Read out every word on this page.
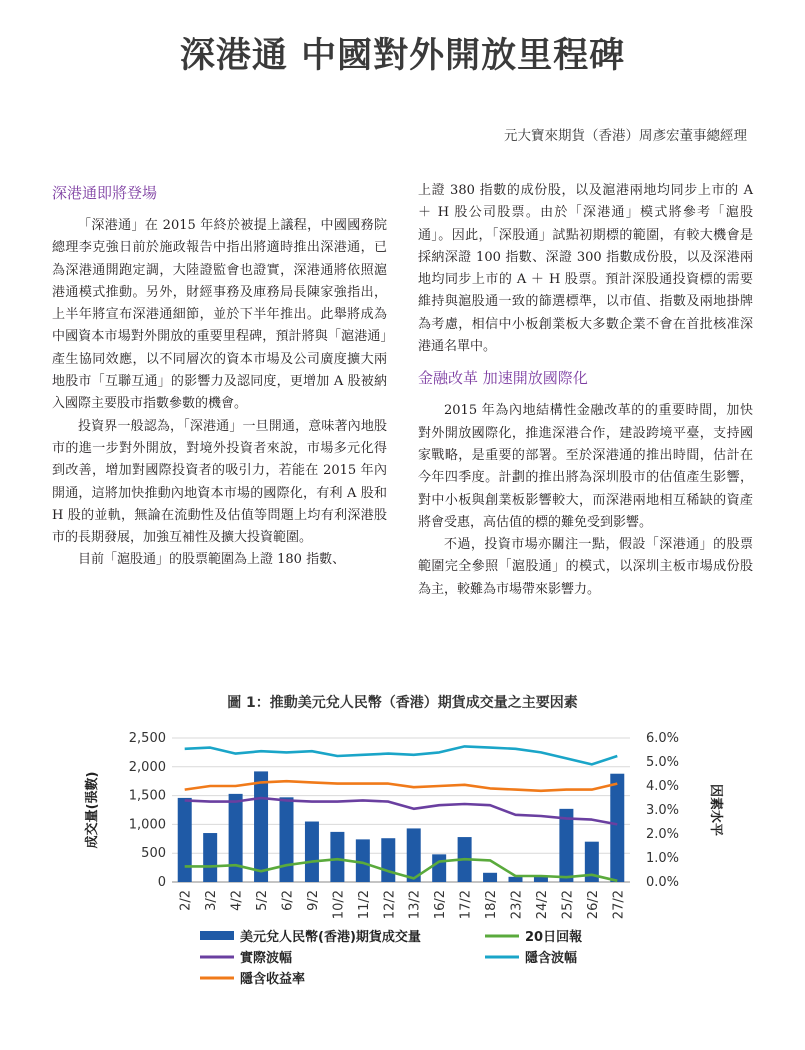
深港通 中國對外開放里程碑
元大寶來期貨（香港）周彥宏董事總經理
深港通即將登場

「深港通」在 2015 年終於被提上議程，中國國務院總理李克強日前於施政報告中指出將適時推出深港通，已為深港通開跑定調，大陸證監會也證實，深港通將依照滬港通模式推動。另外，財經事務及庫務局長陳家強指出，上半年將宣布深港通細節，並於下半年推出。此舉將成為中國資本市場對外開放的重要里程碑，預計將與「滬港通」產生協同效應，以不同層次的資本市場及公司廣度擴大兩地股市「互聯互通」的影響力及認同度，更增加 A 股被納入國際主要股市指數參數的機會。

投資界一般認為，「深港通」一旦開通，意味著內地股市的進一步對外開放，對境外投資者來說，市場多元化得到改善，增加對國際投資者的吸引力，若能在 2015 年內開通，這將加快推動內地資本市場的國際化，有利 A 股和 H 股的並軌，無論在流動性及估值等問題上均有利深港股市的長期發展，加強互補性及擴大投資範圍。

目前「滬股通」的股票範圍為上證 180 指數、

上證 380 指數的成份股，以及滬港兩地均同步上市的 A ＋ H 股公司股票。由於「深港通」模式將參考「滬股通」。因此，「深股通」試點初期標的範圍，有較大機會是採納深證 100 指數、深證 300 指數成份股，以及深港兩地均同步上市的 A ＋ H 股票。預計深股通投資標的需要維持與滬股通一致的篩選標準，以市值、指數及兩地掛牌為考慮，相信中小板創業板大多數企業不會在首批核准深港通名單中。

金融改革 加速開放國際化

2015 年為內地結構性金融改革的的重要時間，加快對外開放國際化，推進深港合作，建設跨境平臺，支持國家戰略，是重要的部署。至於深港通的推出時間，估計在今年四季度。計劃的推出將為深圳股市的估值產生影響，對中小板與創業板影響較大，而深港兩地相互稀缺的資產將會受惠，高估值的標的難免受到影響。

不過，投資市場亦關注一點，假設「深港通」的股票範圍完全參照「滬股通」的模式，以深圳主板市場成份股為主，較難為市場帶來影響力。

圖 1：推動美元兌人民幣（香港）期貨成交量之主要因素
2,500
2,000
1,500
1,000
500
0
6.0%
5.0%
4.0%
3.0%
2.0%
1.0%
0.0%
成交量(張數)	因素水平
2/2 3/2 4/2 5/2 6/2 9/2 10/2 11/2 12/2 13/2 16/2 17/2 18/2 23/2 24/2 25/2 26/2 27/2
美元兌人民幣(香港)期貨成交量	20日回報
實際波幅	隱含波幅
隱含收益率
